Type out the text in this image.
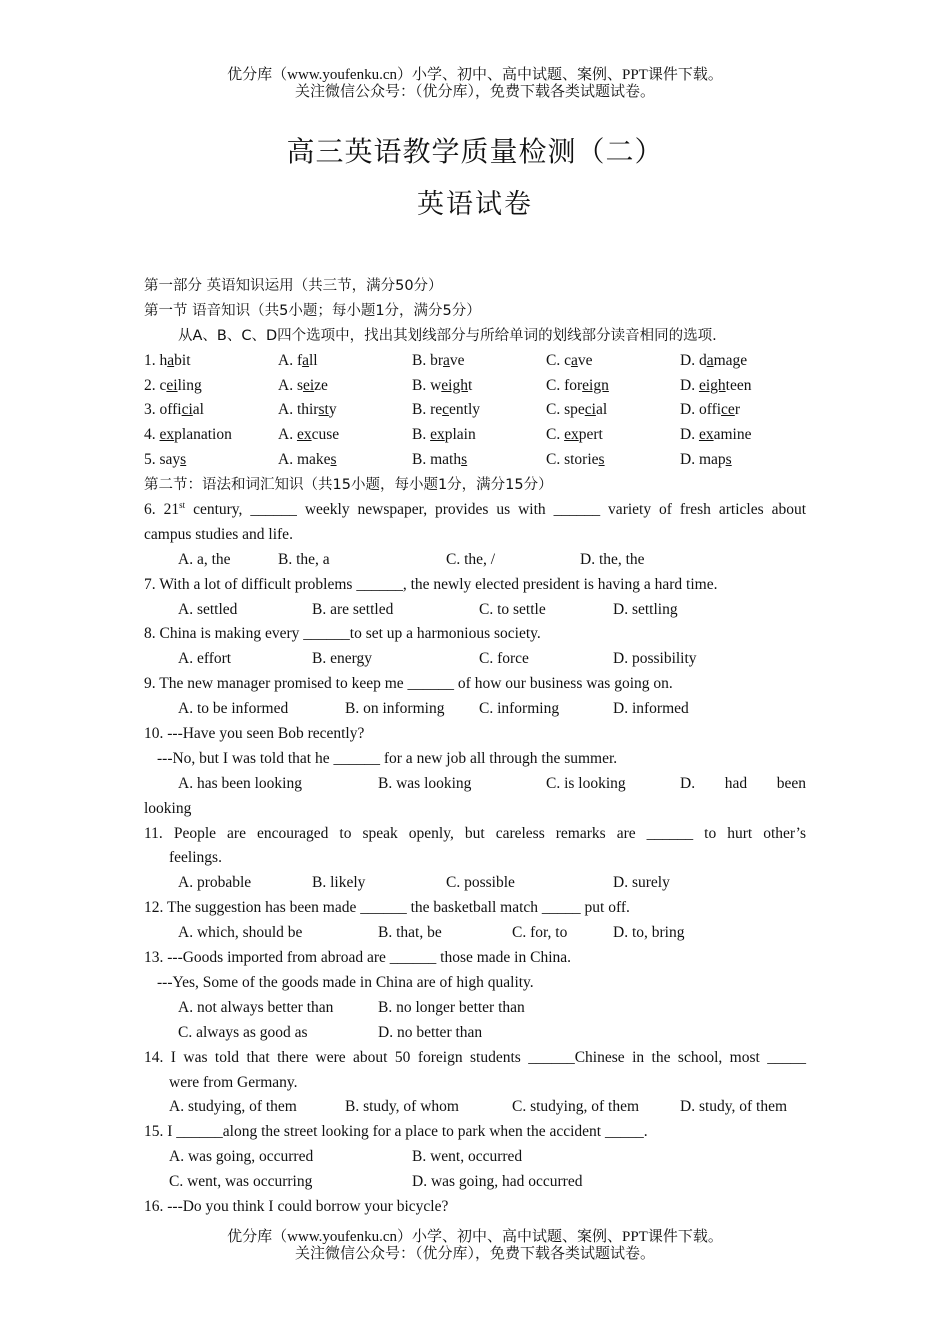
优分库（www.youfenku.cn）小学、初中、高中试题、案例、PPT课件下载。
关注微信公众号：（优分库），免费下载各类试题试卷。
高三英语教学质量检测（二）
英语试卷
第一部分 英语知识运用（共三节，满分50分）
第一节 语音知识（共5小题；每小题1分，满分5分）
从A、B、C、D四个选项中，找出其划线部分与所给单词的划线部分读音相同的选项.
1. habit	A. fall	B. brave	C. cave	D. damage
2. ceiling	A. seize	B. weight	C. foreign	D. eighteen
3. official	A. thirsty	B. recently	C. special	D. officer
4. explanation	A. excuse	B. explain	C. expert	D. examine
5. says	A. makes	B. maths	C. stories	D. maps
第二节：语法和词汇知识（共15小题，每小题1分，满分15分）
6. 21st century, ______ weekly newspaper, provides us with ______ variety of fresh articles about
campus studies and life.
A. a, the	B. the, a	C. the, /	D. the, the
7. With a lot of difficult problems ______, the newly elected president is having a hard time.
A. settled	B. are settled	C. to settle	D. settling
8. China is making every ______to set up a harmonious society.
A. effort	B. energy	C. force	D. possibility
9. The new manager promised to keep me ______ of how our business was going on.
A. to be informed	B. on informing C. informing	D. informed
10. ---Have you seen Bob recently?
---No, but I was told that he ______ for a new job all through the summer.
A. has been looking	B. was looking	C. is looking	D.      had      been
looking
11. People are encouraged to speak openly, but careless remarks are ______ to hurt other’s
feelings.
A. probable	B. likely	C. possible	D. surely
12. The suggestion has been made ______ the basketball match _____ put off.
A. which, should be	B. that, be	C. for, to	D. to, bring
13. ---Goods imported from abroad are ______ those made in China.
---Yes, Some of the goods made in China are of high quality.
A. not always better than	B. no longer better than
C. always as good as	D. no better than
14. I was told that there were about 50 foreign students ______Chinese in the school, most _____
were from Germany.
A. studying, of them	B. study, of whom	C. studying, of them	D. study, of them
15. I ______along the street looking for a place to park when the accident _____.
A. was going, occurred	B. went, occurred
C. went, was occurring	D. was going, had occurred
16. ---Do you think I could borrow your bicycle?
优分库（www.youfenku.cn）小学、初中、高中试题、案例、PPT课件下载。
关注微信公众号：（优分库），免费下载各类试题试卷。
